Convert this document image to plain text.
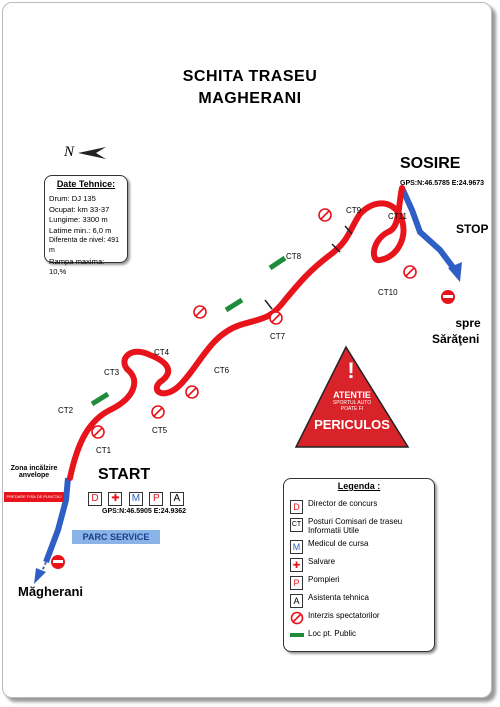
SCHITA TRASEU
MAGHERANI
N
Date Tehnice:
Drum: DJ 135
Ocupat: km 33-37
Lungime: 3300 m
Latime min.: 6,0 m
Diferenta de nivel: 491 m
Rampa maxima: 10,%
!
CT1
CT2
CT3
CT4
CT5
CT6
CT7
CT8
CT9
CT10
CT11
SOSIRE
GPS:N:46.5785 E:24.9673
STOP
spre
Sărăţeni
START
D ✚ M P A
GPS:N:46.5905 E:24.9362
Zona incălzire
anvelope
PREDARE FISA DE PUNCTAJ
PARC SERVICE
Măgherani
ATENTIE
SPORTUL AUTO
POATE FI
PERICULOS
Legenda :
D	Director de concurs
CT Posturi Comisari de traseu
Informatii Utile
M Medicul de cursa
✚ Salvare
P	Pompieri
A	Asistenta tehnica
Interzis spectatorilor
Loc pt. Public
